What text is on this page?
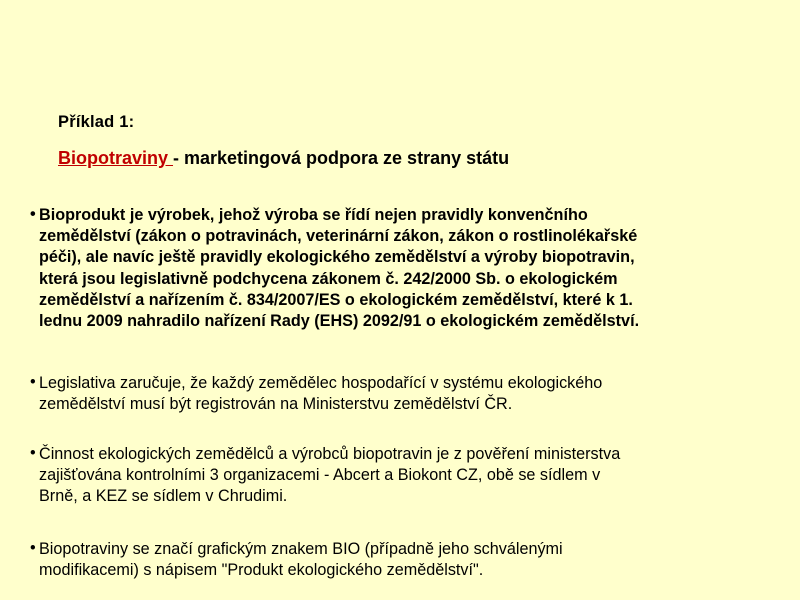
Příklad 1:
Biopotraviny - marketingová podpora ze strany státu
• Bioprodukt je výrobek, jehož výroba se řídí nejen pravidly konvenčního
zemědělství (zákon o potravinách, veterinární zákon, zákon o rostlinolékařské
péči), ale navíc ještě pravidly ekologického zemědělství a výroby biopotravin,
která jsou legislativně podchycena zákonem č. 242/2000 Sb. o ekologickém
zemědělství a nařízením č. 834/2007/ES o ekologickém zemědělství, které k 1.
lednu 2009 nahradilo nařízení Rady (EHS) 2092/91 o ekologickém zemědělství.
• Legislativa zaručuje, že každý zemědělec hospodařící v systému ekologického
zemědělství musí být registrován na Ministerstvu zemědělství ČR.
• Činnost ekologických zemědělců a výrobců biopotravin je z pověření ministerstva
zajišťována kontrolními 3 organizacemi - Abcert a Biokont CZ, obě se sídlem v
Brně, a KEZ se sídlem v Chrudimi.
• Biopotraviny se značí grafickým znakem BIO (případně jeho schválenými
modifikacemi) s nápisem "Produkt ekologického zemědělství".
